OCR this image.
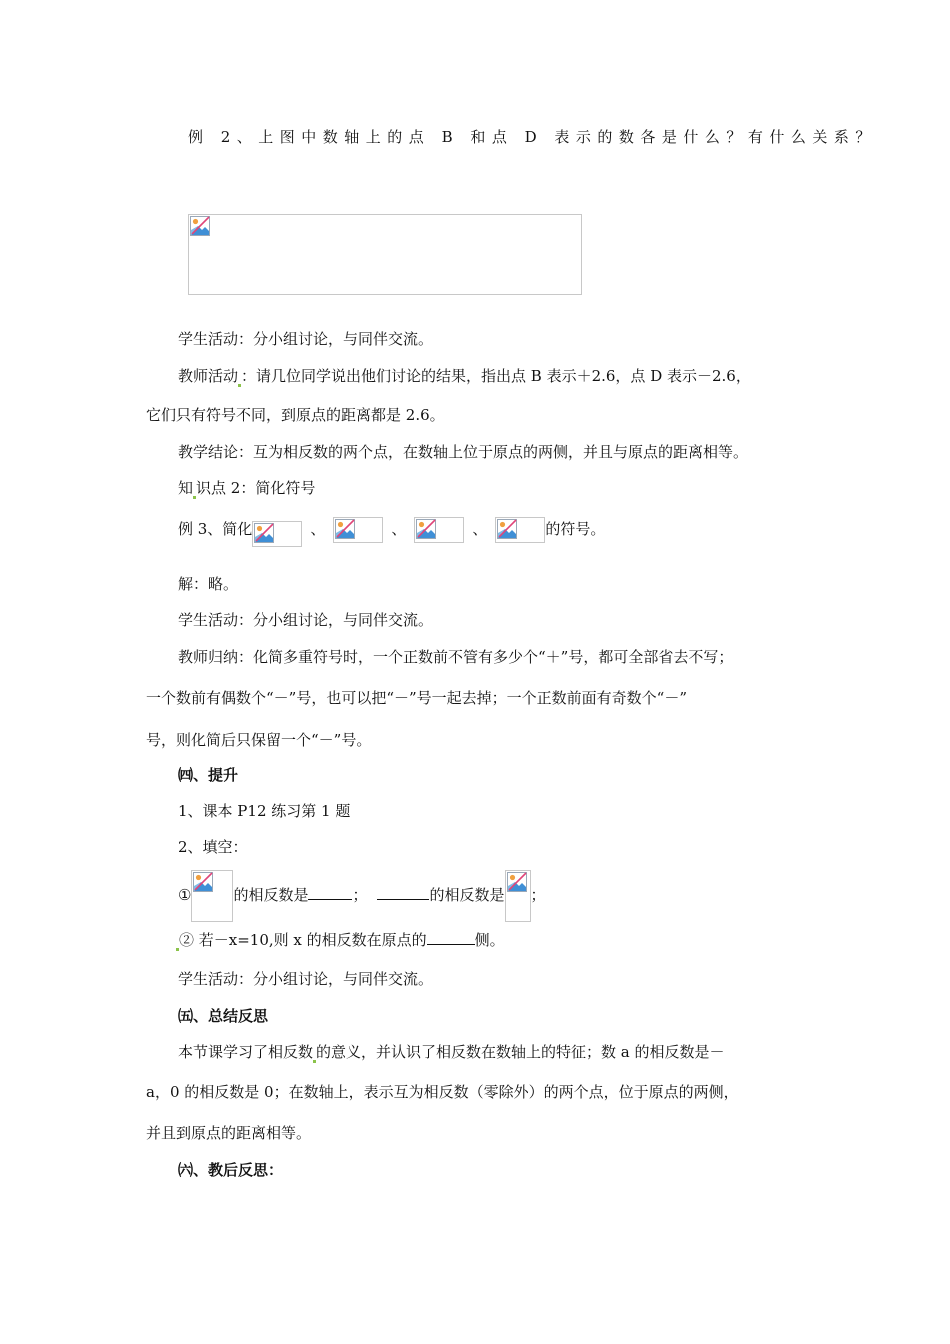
例 2、上图中数轴上的点 B 和点 D 表示的数各是什么？有什么关系？
学生活动：分小组讨论，与同伴交流。
教师活动 ：请几位同学说出他们讨论的结果，指出点 B 表示＋2.6，点 D 表示－2.6，
它们只有符号不同，到原点的距离都是 2.6。
教学结论：互为相反数的两个点，在数轴上位于原点的两侧，并且与原点的距离相等。
知 识点 2：简化符号
例 3、简化	、	、	、	的符号。
解：略。
学生活动：分小组讨论，与同伴交流。
教师归纳：化简多重符号时，一个正数前不管有多少个“＋”号，都可全部省去不写；
一个数前有偶数个“－”号，也可以把“－”号一起去掉；一个正数前面有奇数个“－”
号，则化简后只保留一个“－”号。
㈣、提升
1、课本 P12 练习第 1 题
2、填空：
①	的相反数是	；	的相反数是 ；
② 若－x=10,则 x 的相反数在原点的	侧。
学生活动：分小组讨论，与同伴交流。
㈤、总结反思
本节课学习了相反数 的意义，并认识了相反数在数轴上的特征；数 a 的相反数是－
a，0 的相反数是 0；在数轴上，表示互为相反数（零除外）的两个点，位于原点的两侧，
并且到原点的距离相等。
㈥、教后反思：
